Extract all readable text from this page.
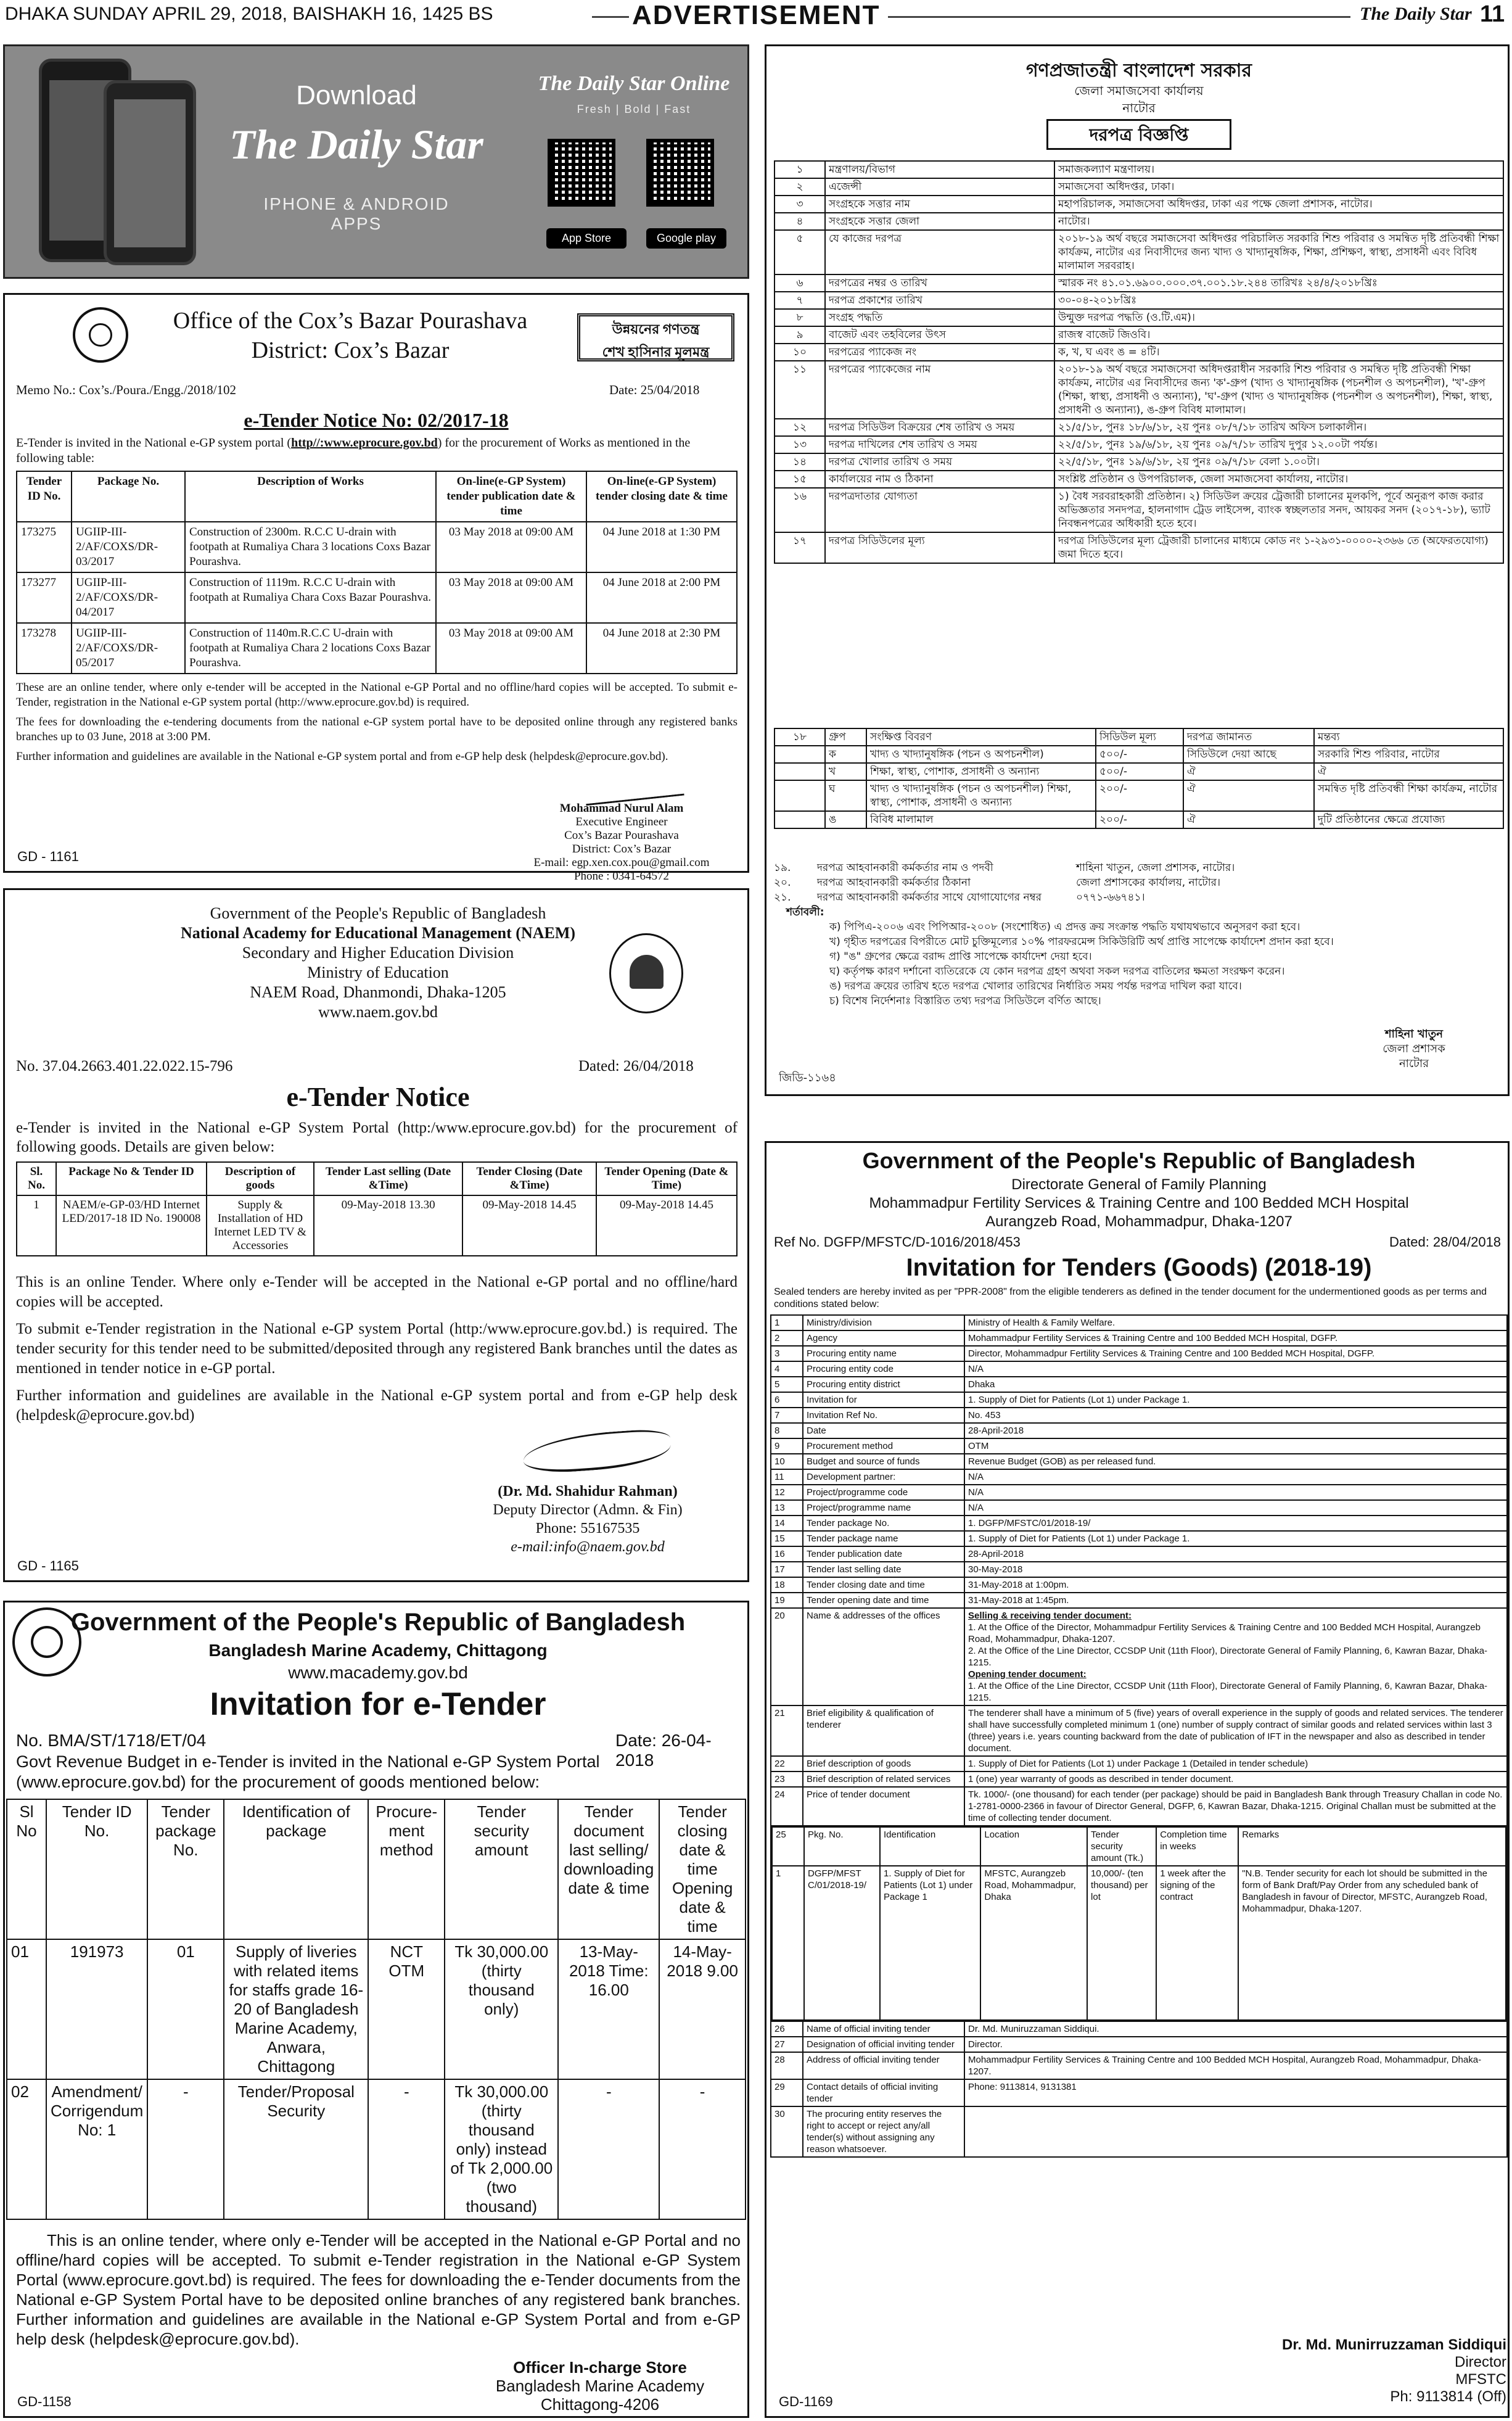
DHAKA SUNDAY APRIL 29, 2018, BAISHAKH 16, 1425 BS	ADVERTISEMENT	The Daily Star 11
Download
The Daily Star
IPHONE & ANDROID APPS
The Daily Star Online
Fresh | Bold | Fast
App Store	Google play
Office of the Cox’s Bazar Pourashava
District: Cox’s Bazar
উন্নয়নের গণতন্ত্র
শেখ হাসিনার মূলমন্ত্র
Memo No.: Cox’s./Poura./Engg./2018/102	Date: 25/04/2018
e-Tender Notice No: 02/2017-18
E-Tender is invited in the National e-GP system portal (http//:www.eprocure.gov.bd) for the procurement of Works as mentioned in the following table:
Tender ID No.	Package No.	Description of Works	On-line(e-GP System) tender publication date & time	On-line(e-GP System) tender closing date & time
173275	UGIIP-III-2/AF/COXS/DR-03/2017	Construction of 2300m. R.C.C U-drain with footpath at Rumaliya Chara 3 locations Coxs Bazar Pourashva.	03 May 2018 at 09:00 AM	04 June 2018 at 1:30 PM
173277	UGIIP-III-2/AF/COXS/DR-04/2017	Construction of 1119m. R.C.C U-drain with footpath at Rumaliya Chara Coxs Bazar Pourashva.	03 May 2018 at 09:00 AM	04 June 2018 at 2:00 PM
173278	UGIIP-III-2/AF/COXS/DR-05/2017	Construction of 1140m.R.C.C U-drain with footpath at Rumaliya Chara 2 locations Coxs Bazar Pourashva.	03 May 2018 at 09:00 AM	04 June 2018 at 2:30 PM

These are an online tender, where only e-tender will be accepted in the National e-GP Portal and no offline/hard copies will be accepted. To submit e-Tender, registration in the National e-GP system portal (http://www.eprocure.gov.bd) is required.

The fees for downloading the e-tendering documents from the national e-GP system portal have to be deposited online through any registered banks branches up to 03 June, 2018 at 3:00 PM.

Further information and guidelines are available in the National e-GP system portal and from e-GP help desk (helpdesk@eprocure.gov.bd).

Mohammad Nurul Alam
Executive Engineer
Cox’s Bazar Pourashava
District: Cox’s Bazar
E-mail: egp.xen.cox.pou@gmail.com
Phone : 0341-64572
GD - 1161
Government of the People's Republic of Bangladesh
National Academy for Educational Management (NAEM)
Secondary and Higher Education Division
Ministry of Education
NAEM Road, Dhanmondi, Dhaka-1205
www.naem.gov.bd
No. 37.04.2663.401.22.022.15-796	Dated: 26/04/2018
e-Tender Notice
e-Tender is invited in the National e-GP System Portal (http:/www.eprocure.gov.bd) for the procurement of following goods. Details are given below:
Sl. No.	Package No & Tender ID	Description of goods	Tender Last selling (Date &Time)	Tender Closing (Date &Time)	Tender Opening (Date & Time)
1	NAEM/e-GP-03/HD Internet LED/2017-18 ID No. 190008	Supply & Installation of HD Internet LED TV & Accessories	09-May-2018 13.30	09-May-2018 14.45	09-May-2018 14.45

This is an online Tender. Where only e-Tender will be accepted in the National e-GP portal and no offline/hard copies will be accepted.

To submit e-Tender registration in the National e-GP system Portal (http:/www.eprocure.gov.bd.) is required. The tender security for this tender need to be submitted/deposited through any registered Bank branches until the dates as mentioned in tender notice in e-GP portal.

Further information and guidelines are available in the National e-GP system portal and from e-GP help desk (helpdesk@eprocure.gov.bd)

(Dr. Md. Shahidur Rahman)
Deputy Director (Admn. & Fin)
Phone: 55167535
e-mail:info@naem.gov.bd
GD - 1165
Government of the People's Republic of Bangladesh
Bangladesh Marine Academy, Chittagong
www.macademy.gov.bd
Invitation for e-Tender
No. BMA/ST/1718/ET/04	Date: 26-04-2018
Govt Revenue Budget in e-Tender is invited in the National e-GP System Portal (www.eprocure.gov.bd) for the procurement of goods mentioned below:
Sl No	Tender ID No.	Tender package No.	Identification of package	Procure-ment method	Tender security amount	Tender document last selling/ downloading date & time	Tender closing date & time Opening date & time
01	191973	01	Supply of liveries with related items for staffs grade 16-20 of Bangladesh Marine Academy, Anwara, Chittagong	NCT OTM	Tk 30,000.00 (thirty thousand only)	13-May-2018 Time: 16.00	14-May-2018 9.00
02	Amendment/ Corrigendum No: 1	-	Tender/Proposal Security	-	Tk 30,000.00 (thirty thousand only) instead of Tk 2,000.00 (two thousand)	-	-
This is an online tender, where only e-Tender will be accepted in the National e-GP Portal and no offline/hard copies will be accepted. To submit e-Tender registration in the National e-GP System Portal (www.eprocure.govt.bd) is required. The fees for downloading the e-Tender documents from the National e-GP System Portal have to be deposited online branches of any registered bank branches. Further information and guidelines are available in the National e-GP System Portal and from e-GP help desk (helpdesk@eprocure.gov.bd).
Officer In-charge Store
Bangladesh Marine Academy
Chittagong-4206
GD-1158
গণপ্রজাতন্ত্রী বাংলাদেশ সরকার
জেলা সমাজসেবা কার্যালয়
নাটোর
দরপত্র বিজ্ঞপ্তি
১	মন্ত্রণালয়/বিভাগ	সমাজকল্যাণ মন্ত্রণালয়।
২	এজেন্সী	সমাজসেবা অধিদপ্তর, ঢাকা।
৩	সংগ্রহকে সত্তার নাম	মহাপরিচালক, সমাজসেবা অধিদপ্তর, ঢাকা এর পক্ষে জেলা প্রশাসক, নাটোর।
৪	সংগ্রহকে সত্তার জেলা	নাটোর।
৫	যে কাজের দরপত্র	২০১৮-১৯ অর্থ বছরে সমাজসেবা অধিদপ্তর পরিচালিত সরকারি শিশু পরিবার ও সমন্বিত দৃষ্টি প্রতিবন্ধী শিক্ষা কার্যক্রম, নাটোর এর নিবাসীদের জন্য খাদ্য ও খাদ্যানুষঙ্গিক, শিক্ষা, প্রশিক্ষণ, স্বাস্থ্য, প্রসাধনী এবং বিবিধ মালামাল সরবরাহ।
৬	দরপত্রের নম্বর ও তারিখ	স্মারক নং ৪১.০১.৬৯০০.০০০.৩৭.০০১.১৮.২৪৪ তারিখঃ ২৪/৪/২০১৮খ্রিঃ
৭	দরপত্র প্রকাশের তারিখ	৩০-০৪-২০১৮খ্রিঃ
৮	সংগ্রহ পদ্ধতি	উন্মুক্ত দরপত্র পদ্ধতি (ও.টি.এম)।
৯	বাজেট এবং তহবিলের উৎস	রাজস্ব বাজেট জিওবি।
১০	দরপত্রের প্যাকেজ নং	ক, খ, ঘ এবং ঙ = ৪টি।
১১	দরপত্রের প্যাকেজের নাম	২০১৮-১৯ অর্থ বছরে সমাজসেবা অধিদপ্তরাধীন সরকারি শিশু পরিবার ও সমন্বিত দৃষ্টি প্রতিবন্ধী শিক্ষা কার্যক্রম, নাটোর এর নিবাসীদের জন্য 'ক'-গ্রুপ (খাদ্য ও খাদ্যানুষঙ্গিক (পচনশীল ও অপচনশীল), 'খ'-গ্রুপ (শিক্ষা, স্বাস্থ্য, প্রসাধনী ও অন্যান্য), 'ঘ'-গ্রুপ (খাদ্য ও খাদ্যানুষঙ্গিক (পচনশীল ও অপচনশীল), শিক্ষা, স্বাস্থ্য, প্রসাধনী ও অন্যান্য), ঙ-গ্রুপ বিবিধ মালামাল।
১২	দরপত্র সিডিউল বিক্রয়ের শেষ তারিখ ও সময়	২১/৫/১৮, পুনঃ ১৮/৬/১৮, ২য় পুনঃ ০৮/৭/১৮ তারিখ অফিস চলাকালীন।
১৩	দরপত্র দাখিলের শেষ তারিখ ও সময়	২২/৫/১৮, পুনঃ ১৯/৬/১৮, ২য় পুনঃ ০৯/৭/১৮ তারিখ দুপুর ১২.০০টা পর্যন্ত।
১৪	দরপত্র খোলার তারিখ ও সময়	২২/৫/১৮, পুনঃ ১৯/৬/১৮, ২য় পুনঃ ০৯/৭/১৮ বেলা ১.০০টা।
১৫	কার্যালয়ের নাম ও ঠিকানা	সংশ্লিষ্ট প্রতিষ্ঠান ও উপপরিচালক, জেলা সমাজসেবা কার্যালয়, নাটোর।
১৬	দরপত্রদাতার যোগ্যতা	১) বৈধ সরবরাহকারী প্রতিষ্ঠান। ২) সিডিউল ক্রয়ের ট্রেজারী চালানের মূলকপি, পূর্বে অনুরূপ কাজ করার অভিজ্ঞতার সনদপত্র, হালনাগাদ ট্রেড লাইসেন্স, ব্যাংক স্বচ্ছলতার সনদ, আয়কর সনদ (২০১৭-১৮), ভ্যাট নিবন্ধনপত্রের অধিকারী হতে হবে।
১৭	দরপত্র সিডিউলের মূল্য	দরপত্র সিডিউলের মূল্য ট্রেজারী চালানের মাধ্যমে কোড নং ১-২৯৩১-০০০০-২৩৬৬ তে (অফেরতযোগ্য) জমা দিতে হবে।
১৮	গ্রুপ	সংক্ষিপ্ত বিবরণ	সিডিউল মূল্য	দরপত্র জামানত	মন্তব্য
	ক	খাদ্য ও খাদ্যানুষঙ্গিক (পচন ও অপচনশীল)	৫০০/-	সিডিউলে দেয়া আছে	সরকারি শিশু পরিবার, নাটোর
	খ	শিক্ষা, স্বাস্থ্য, পোশাক, প্রসাধনী ও অন্যান্য	৫০০/-	ঐ	ঐ
	ঘ	খাদ্য ও খাদ্যানুষঙ্গিক (পচন ও অপচনশীল) শিক্ষা, স্বাস্থ্য, পোশাক, প্রসাধনী ও অন্যান্য	২০০/-	ঐ	সমন্বিত দৃষ্টি প্রতিবন্ধী শিক্ষা কার্যক্রম, নাটোর
	ঙ	বিবিধ মালামাল	২০০/-	ঐ	দুটি প্রতিষ্ঠানের ক্ষেত্রে প্রযোজ্য
১৯.	দরপত্র আহবানকারী কর্মকর্তার নাম ও পদবী	শাহিনা খাতুন, জেলা প্রশাসক, নাটোর।
২০. দরপত্র আহবানকারী কর্মকর্তার ঠিকানা	জেলা প্রশাসকের কার্যালয়, নাটোর।
২১.	দরপত্র আহবানকারী কর্মকর্তার সাথে যোগাযোগের নম্বর	০৭৭১-৬৬৭৪১।
শর্তাবলী:
ক) পিপিএ-২০০৬ এবং পিপিআর-২০০৮ (সংশোধিত) এ প্রদত্ত ক্রয় সংক্রান্ত পদ্ধতি যথাযথভাবে অনুসরণ করা হবে।
খ) গৃহীত দরপত্রের বিপরীতে মোট চুক্তিমূল্যের ১০% পারফরমেন্স সিকিউরিটি অর্থ প্রাপ্তি সাপেক্ষে কার্যাদেশ প্রদান করা হবে।
গ) "ঙ" গ্রুপের ক্ষেত্রে বরাদ্দ প্রাপ্তি সাপেক্ষে কার্যাদেশ দেয়া হবে।
ঘ) কর্তৃপক্ষ কারণ দর্শানো ব্যতিরেকে যে কোন দরপত্র গ্রহণ অথবা সকল দরপত্র বাতিলের ক্ষমতা সংরক্ষণ করেন।
ঙ) দরপত্র ক্রয়ের তারিখ হতে দরপত্র খোলার তারিখের নির্ধারিত সময় পর্যন্ত দরপত্র দাখিল করা যাবে।
চ) বিশেষ নির্দেশনাঃ বিস্তারিত তথ্য দরপত্র সিডিউলে বর্ণিত আছে।
শাহিনা খাতুন
জেলা প্রশাসক
নাটোর
জিডি-১১৬৪
Government of the People's Republic of Bangladesh
Directorate General of Family Planning
Mohammadpur Fertility Services & Training Centre and 100 Bedded MCH Hospital
Aurangzeb Road, Mohammadpur, Dhaka-1207
Ref No. DGFP/MFSTC/D-1016/2018/453	Dated: 28/04/2018
Invitation for Tenders (Goods) (2018-19)
Sealed tenders are hereby invited as per "PPR-2008" from the eligible tenderers as defined in the tender document for the undermentioned goods as per terms and conditions stated below:
1	Ministry/division	Ministry of Health & Family Welfare.
2	Agency	Mohammadpur Fertility Services & Training Centre and 100 Bedded MCH Hospital, DGFP.
3	Procuring entity name	Director, Mohammadpur Fertility Services & Training Centre and 100 Bedded MCH Hospital, DGFP.
4	Procuring entity code	N/A
5	Procuring entity district	Dhaka
6	Invitation for	1. Supply of Diet for Patients (Lot 1) under Package 1.
7	Invitation Ref No.	No. 453
8	Date	28-April-2018
9	Procurement method	OTM
10	Budget and source of funds	Revenue Budget (GOB) as per released fund.
11	Development partner:	N/A
12	Project/programme code	N/A
13	Project/programme name	N/A
14	Tender package No.	1. DGFP/MFSTC/01/2018-19/
15	Tender package name	1. Supply of Diet for Patients (Lot 1) under Package 1.
16	Tender publication date	28-April-2018
17	Tender last selling date	30-May-2018
18	Tender closing date and time	31-May-2018 at 1:00pm.
19	Tender opening date and time	31-May-2018 at 1:45pm.
20	Name & addresses of the offices	Selling & receiving tender document:
1. At the Office of the Director, Mohammadpur Fertility Services & Training Centre and 100 Bedded MCH Hospital, Aurangzeb Road, Mohammadpur, Dhaka-1207.
2. At the Office of the Line Director, CCSDP Unit (11th Floor), Directorate General of Family Planning, 6, Kawran Bazar, Dhaka-1215.
Opening tender document:
1. At the Office of the Line Director, CCSDP Unit (11th Floor), Directorate General of Family Planning, 6, Kawran Bazar, Dhaka-1215.

21	Brief eligibility & qualification of tenderer	The tenderer shall have a minimum of 5 (five) years of overall experience in the supply of goods and related services. The tenderer shall have successfully completed minimum 1 (one) number of supply contract of similar goods and related services within last 3 (three) years i.e. years counting backward from the date of publication of IFT in the newspaper and also as described in tender document.
22	Brief description of goods	1. Supply of Diet for Patients (Lot 1) under Package 1 (Detailed in tender schedule)
23	Brief description of related services	1 (one) year warranty of goods as described in tender document.
24	Price of tender document	Tk. 1000/- (one thousand) for each tender (per package) should be paid in Bangladesh Bank through Treasury Challan in code No. 1-2781-0000-2366 in favour of Director General, DGFP, 6, Kawran Bazar, Dhaka-1215. Original Challan must be submitted at the time of collecting tender document.

25	Pkg. No.	Identification	Location	Tender security amount (Tk.)	Completion time in weeks	Remarks
1	DGFP/MFST C/01/2018-19/	1. Supply of Diet for Patients (Lot 1) under Package 1	MFSTC, Aurangzeb Road, Mohammadpur, Dhaka	10,000/- (ten thousand) per lot	1 week after the signing of the contract	"N.B. Tender security for each lot should be submitted in the form of Bank Draft/Pay Order from any scheduled bank of Bangladesh in favour of Director, MFSTC, Aurangzeb Road, Mohammadpur, Dhaka-1207.

26	Name of official inviting tender	Dr. Md. Muniruzzaman Siddiqui.
27	Designation of official inviting tender	Director.
28	Address of official inviting tender	Mohammadpur Fertility Services & Training Centre and 100 Bedded MCH Hospital, Aurangzeb Road, Mohammadpur, Dhaka-1207.
29	Contact details of official inviting tender	Phone: 9113814, 9131381
30	The procuring entity reserves the right to accept or reject any/all tender(s) without assigning any reason whatsoever.	
Dr. Md. Munirruzzaman Siddiqui
Director
MFSTC
Ph: 9113814 (Off)
GD-1169
